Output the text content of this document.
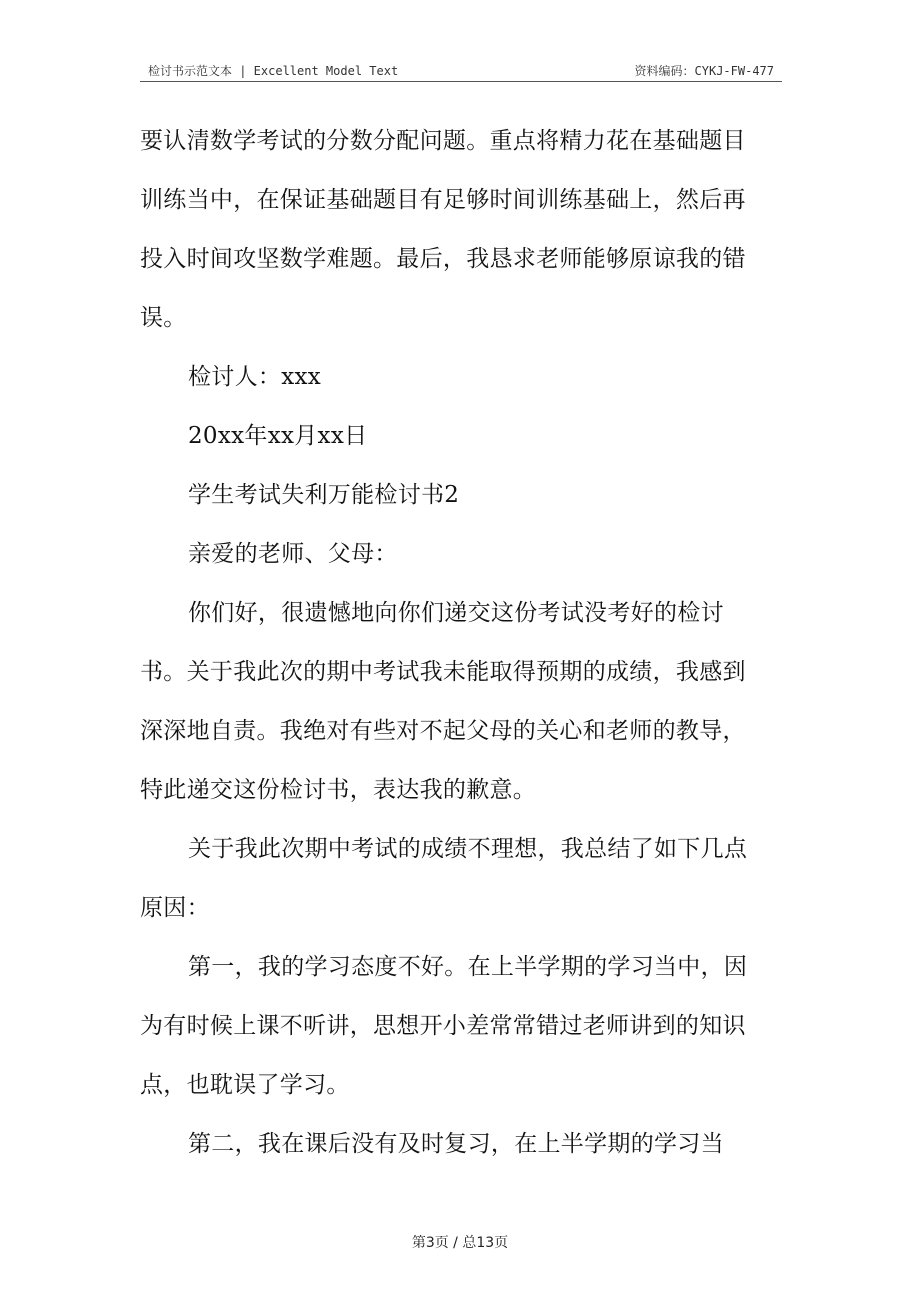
检讨书示范文本 | Excellent Model Text	资料编码：CYKJ-FW-477

要认清数学考试的分数分配问题。重点将精力花在基础题目训练当中，在保证基础题目有足够时间训练基础上，然后再投入时间攻坚数学难题。最后，我恳求老师能够原谅我的错误。

检讨人：xxx

20xx年xx月xx日

学生考试失利万能检讨书2

亲爱的老师、父母：

你们好，很遗憾地向你们递交这份考试没考好的检讨书。关于我此次的期中考试我未能取得预期的成绩，我感到深深地自责。我绝对有些对不起父母的关心和老师的教导，特此递交这份检讨书，表达我的歉意。

关于我此次期中考试的成绩不理想，我总结了如下几点原因：

第一，我的学习态度不好。在上半学期的学习当中，因为有时候上课不听讲，思想开小差常常错过老师讲到的知识点，也耽误了学习。

第二，我在课后没有及时复习，在上半学期的学习当

第3页 / 总13页
